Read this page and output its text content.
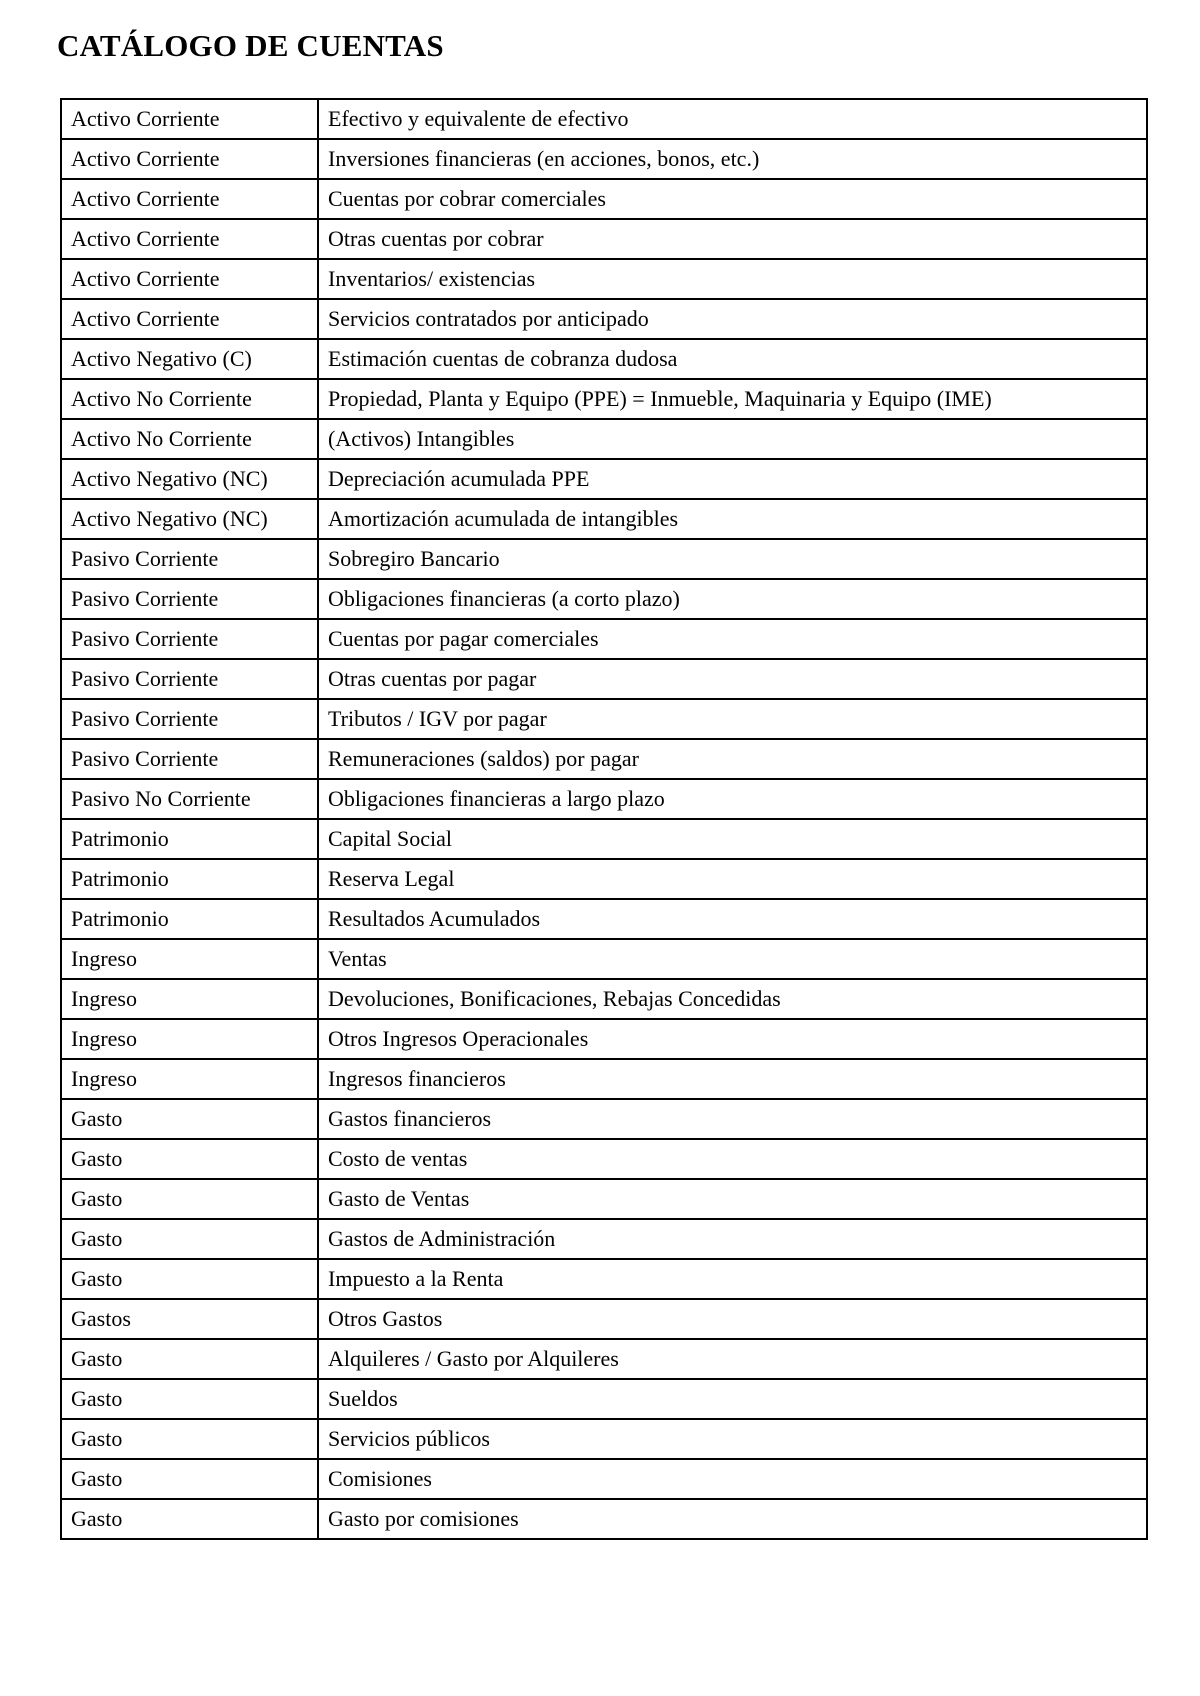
CATÁLOGO DE CUENTAS
Activo Corriente	Efectivo y equivalente de efectivo
Activo Corriente	Inversiones financieras (en acciones, bonos, etc.)
Activo Corriente	Cuentas por cobrar comerciales
Activo Corriente	Otras cuentas por cobrar
Activo Corriente	Inventarios/ existencias
Activo Corriente	Servicios contratados por anticipado
Activo Negativo (C)	Estimación cuentas de cobranza dudosa
Activo No Corriente	Propiedad, Planta y Equipo (PPE) = Inmueble, Maquinaria y Equipo (IME)
Activo No Corriente	(Activos) Intangibles
Activo Negativo (NC)	Depreciación acumulada PPE
Activo Negativo (NC)	Amortización acumulada de intangibles
Pasivo Corriente	Sobregiro Bancario
Pasivo Corriente	Obligaciones financieras (a corto plazo)
Pasivo Corriente	Cuentas por pagar comerciales
Pasivo Corriente	Otras cuentas por pagar
Pasivo Corriente	Tributos / IGV por pagar
Pasivo Corriente	Remuneraciones (saldos) por pagar
Pasivo No Corriente	Obligaciones financieras a largo plazo
Patrimonio	Capital Social
Patrimonio	Reserva Legal
Patrimonio	Resultados Acumulados
Ingreso	Ventas
Ingreso	Devoluciones, Bonificaciones, Rebajas Concedidas
Ingreso	Otros Ingresos Operacionales
Ingreso	Ingresos financieros
Gasto	Gastos financieros
Gasto	Costo de ventas
Gasto	Gasto de Ventas
Gasto	Gastos de Administración
Gasto	Impuesto a la Renta
Gastos	Otros Gastos
Gasto	Alquileres / Gasto por Alquileres
Gasto	Sueldos
Gasto	Servicios públicos
Gasto	Comisiones
Gasto	Gasto por comisiones
